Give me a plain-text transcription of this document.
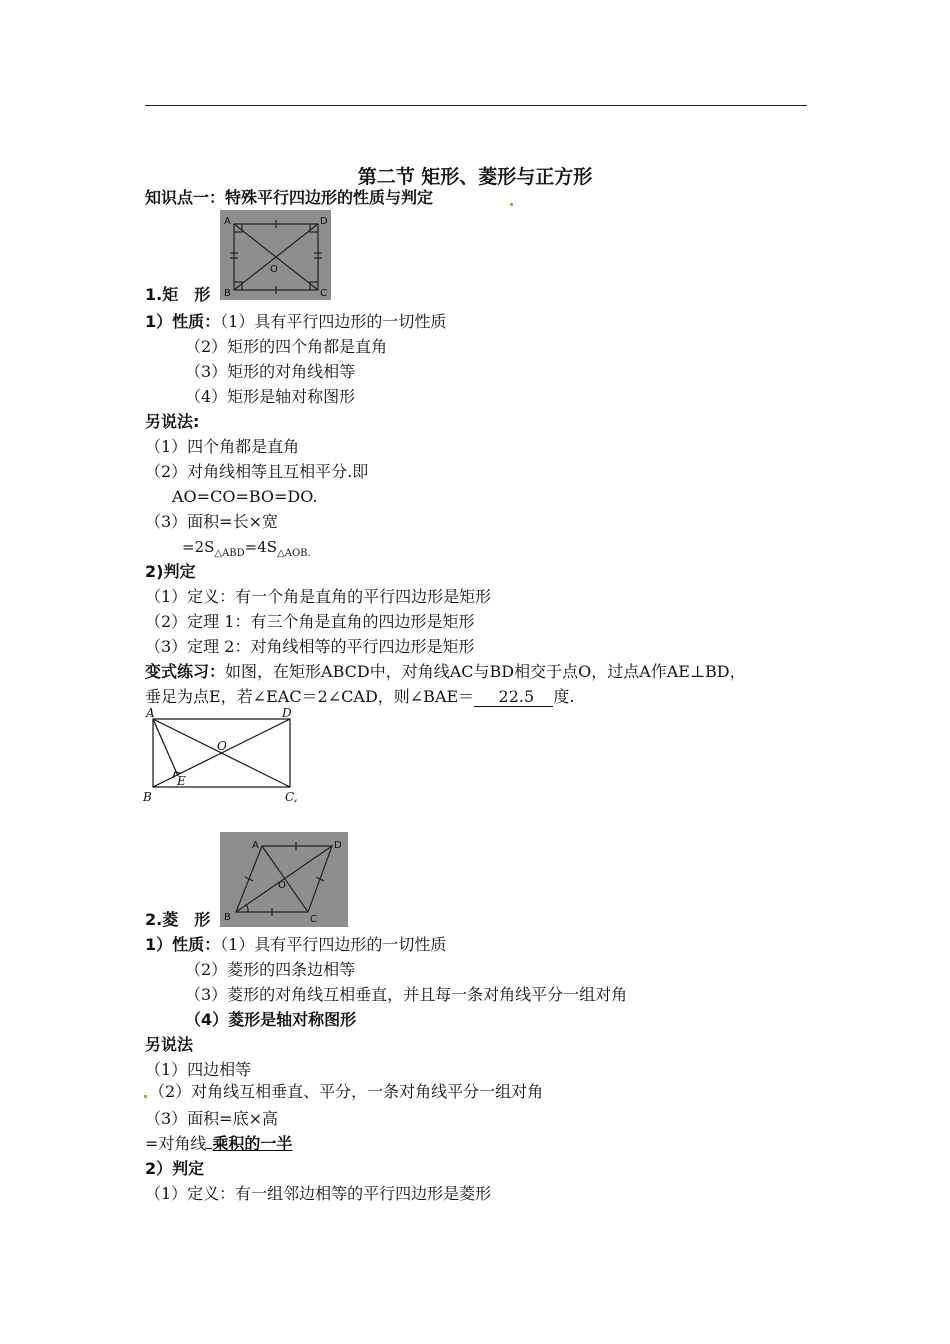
第二节 矩形、菱形与正方形
知识点一：特殊平行四边形的性质与判定
A	D
B	C
O
1.矩　形
1）性质：（1）具有平行四边形的一切性质
（2）矩形的四个角都是直角
（3）矩形的对角线相等
（4）矩形是轴对称图形
另说法:
（1）四个角都是直角
（2）对角线相等且互相平分.即
AO=CO=BO=DO.
（3）面积=长×宽
$=2S_{\triangle ABD}=4S_{\triangle AOB.}$
2)判定
（1）定义：有一个角是直角的平行四边形是矩形
（2）定理 1：有三个角是直角的四边形是矩形
（3）定理 2：对角线相等的平行四边形是矩形
变式练习：如图，在矩形ABCD中，对角线AC与BD相交于点O，过点A作AE⊥BD，
垂足为点E，若∠EAC＝2∠CAD，则∠BAE＝ 22.5 度.
A	D
O
E
B	C,
A	D
B	C
O
2.菱　形
1）性质：（1）具有平行四边形的一切性质
（2）菱形的四条边相等
（3）菱形的对角线互相垂直，并且每一条对角线平分一组对角
（4）菱形是轴对称图形
另说法
（1）四边相等
（2）对角线互相垂直、平分，一条对角线平分一组对角
（3）面积=底×高
=对角线 乘积的一半
2）判定
（1）定义：有一组邻边相等的平行四边形是菱形
